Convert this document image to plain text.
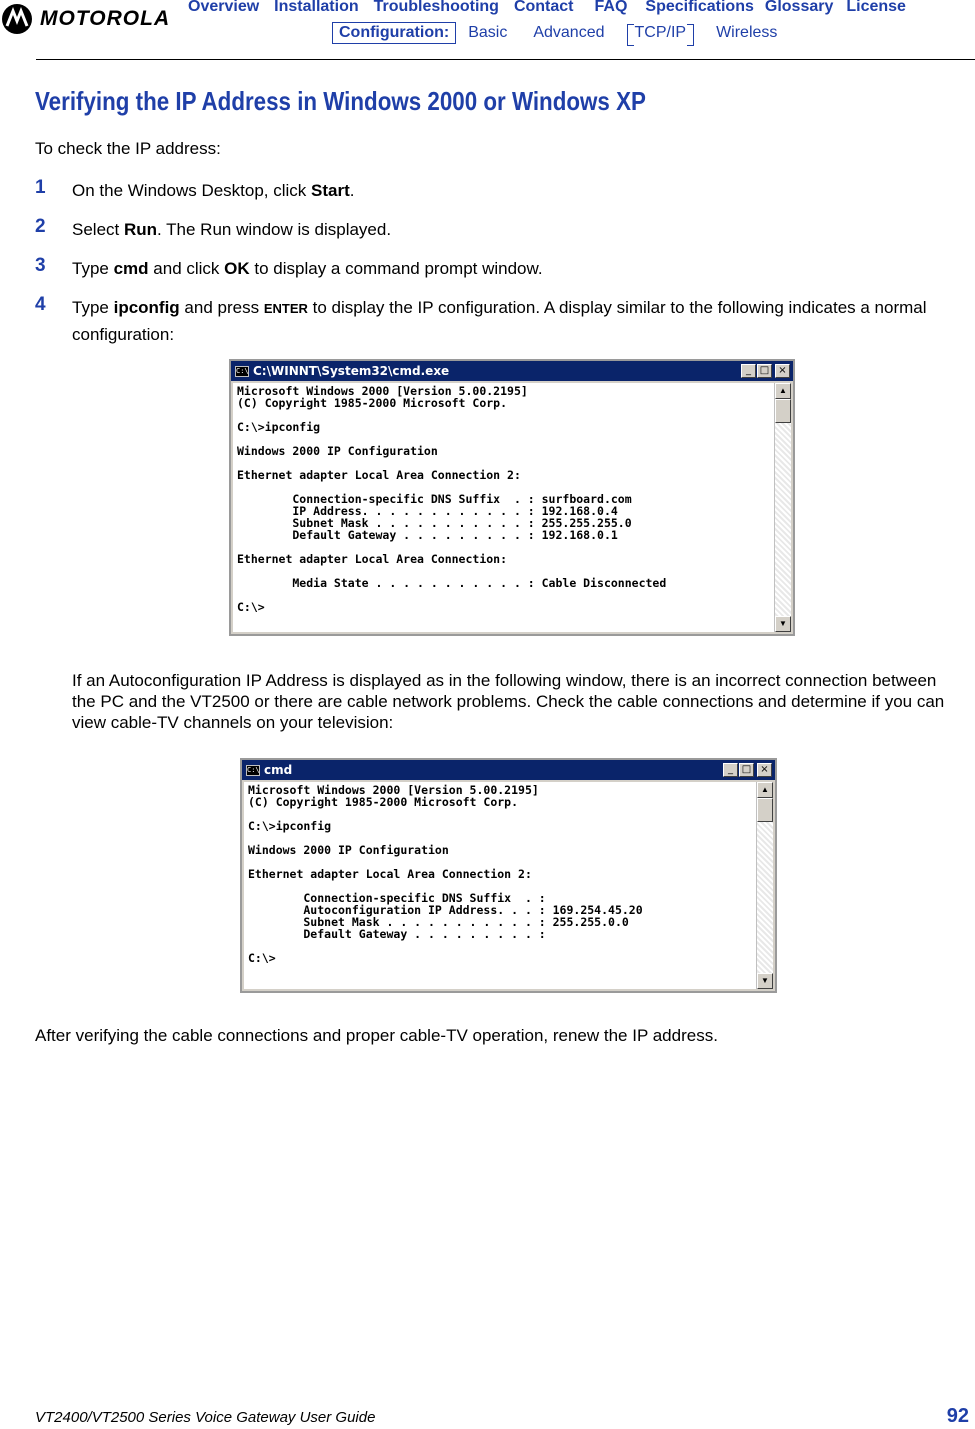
MOTOROLA
Overview Installation Troubleshooting Contact FAQ Specifications Glossary License
Configuration:	Basic Advanced TCP/IP Wireless
Verifying the IP Address in Windows 2000 or Windows XP
To check the IP address:
1 On the Windows Desktop, click Start.
2 Select Run. The Run window is displayed.
3 Type cmd and click OK to display a command prompt window.
4 Type ipconfig and press ENTER to display the IP configuration. A display similar to the following indicates a normal configuration:
C:\ C:\WINNT\System32\cmd.exe	_ □ ×
Microsoft Windows 2000 [Version 5.00.2195]
(C) Copyright 1985-2000 Microsoft Corp.

C:\>ipconfig

Windows 2000 IP Configuration

Ethernet adapter Local Area Connection 2:

Connection-specific DNS Suffix  . : surfboard.com
IP Address. . . . . . . . . . . . : 192.168.0.4
Subnet Mask . . . . . . . . . . . : 255.255.255.0
Default Gateway . . . . . . . . . : 192.168.0.1

Ethernet adapter Local Area Connection:

Media State . . . . . . . . . . . : Cable Disconnected

C:\>
▲
▼
If an Autoconfiguration IP Address is displayed as in the following window, there is an incorrect connection between the PC and the VT2500 or there are cable network problems. Check the cable connections and determine if you can view cable-TV channels on your television:
C:\ cmd	_ □ ×
Microsoft Windows 2000 [Version 5.00.2195]
(C) Copyright 1985-2000 Microsoft Corp.

C:\>ipconfig

Windows 2000 IP Configuration

Ethernet adapter Local Area Connection 2:

Connection-specific DNS Suffix  . :
Autoconfiguration IP Address. . . : 169.254.45.20
Subnet Mask . . . . . . . . . . . : 255.255.0.0
Default Gateway . . . . . . . . . :

C:\>
▲
▼
After verifying the cable connections and proper cable-TV operation, renew the IP address.
VT2400/VT2500 Series Voice Gateway User Guide	92
